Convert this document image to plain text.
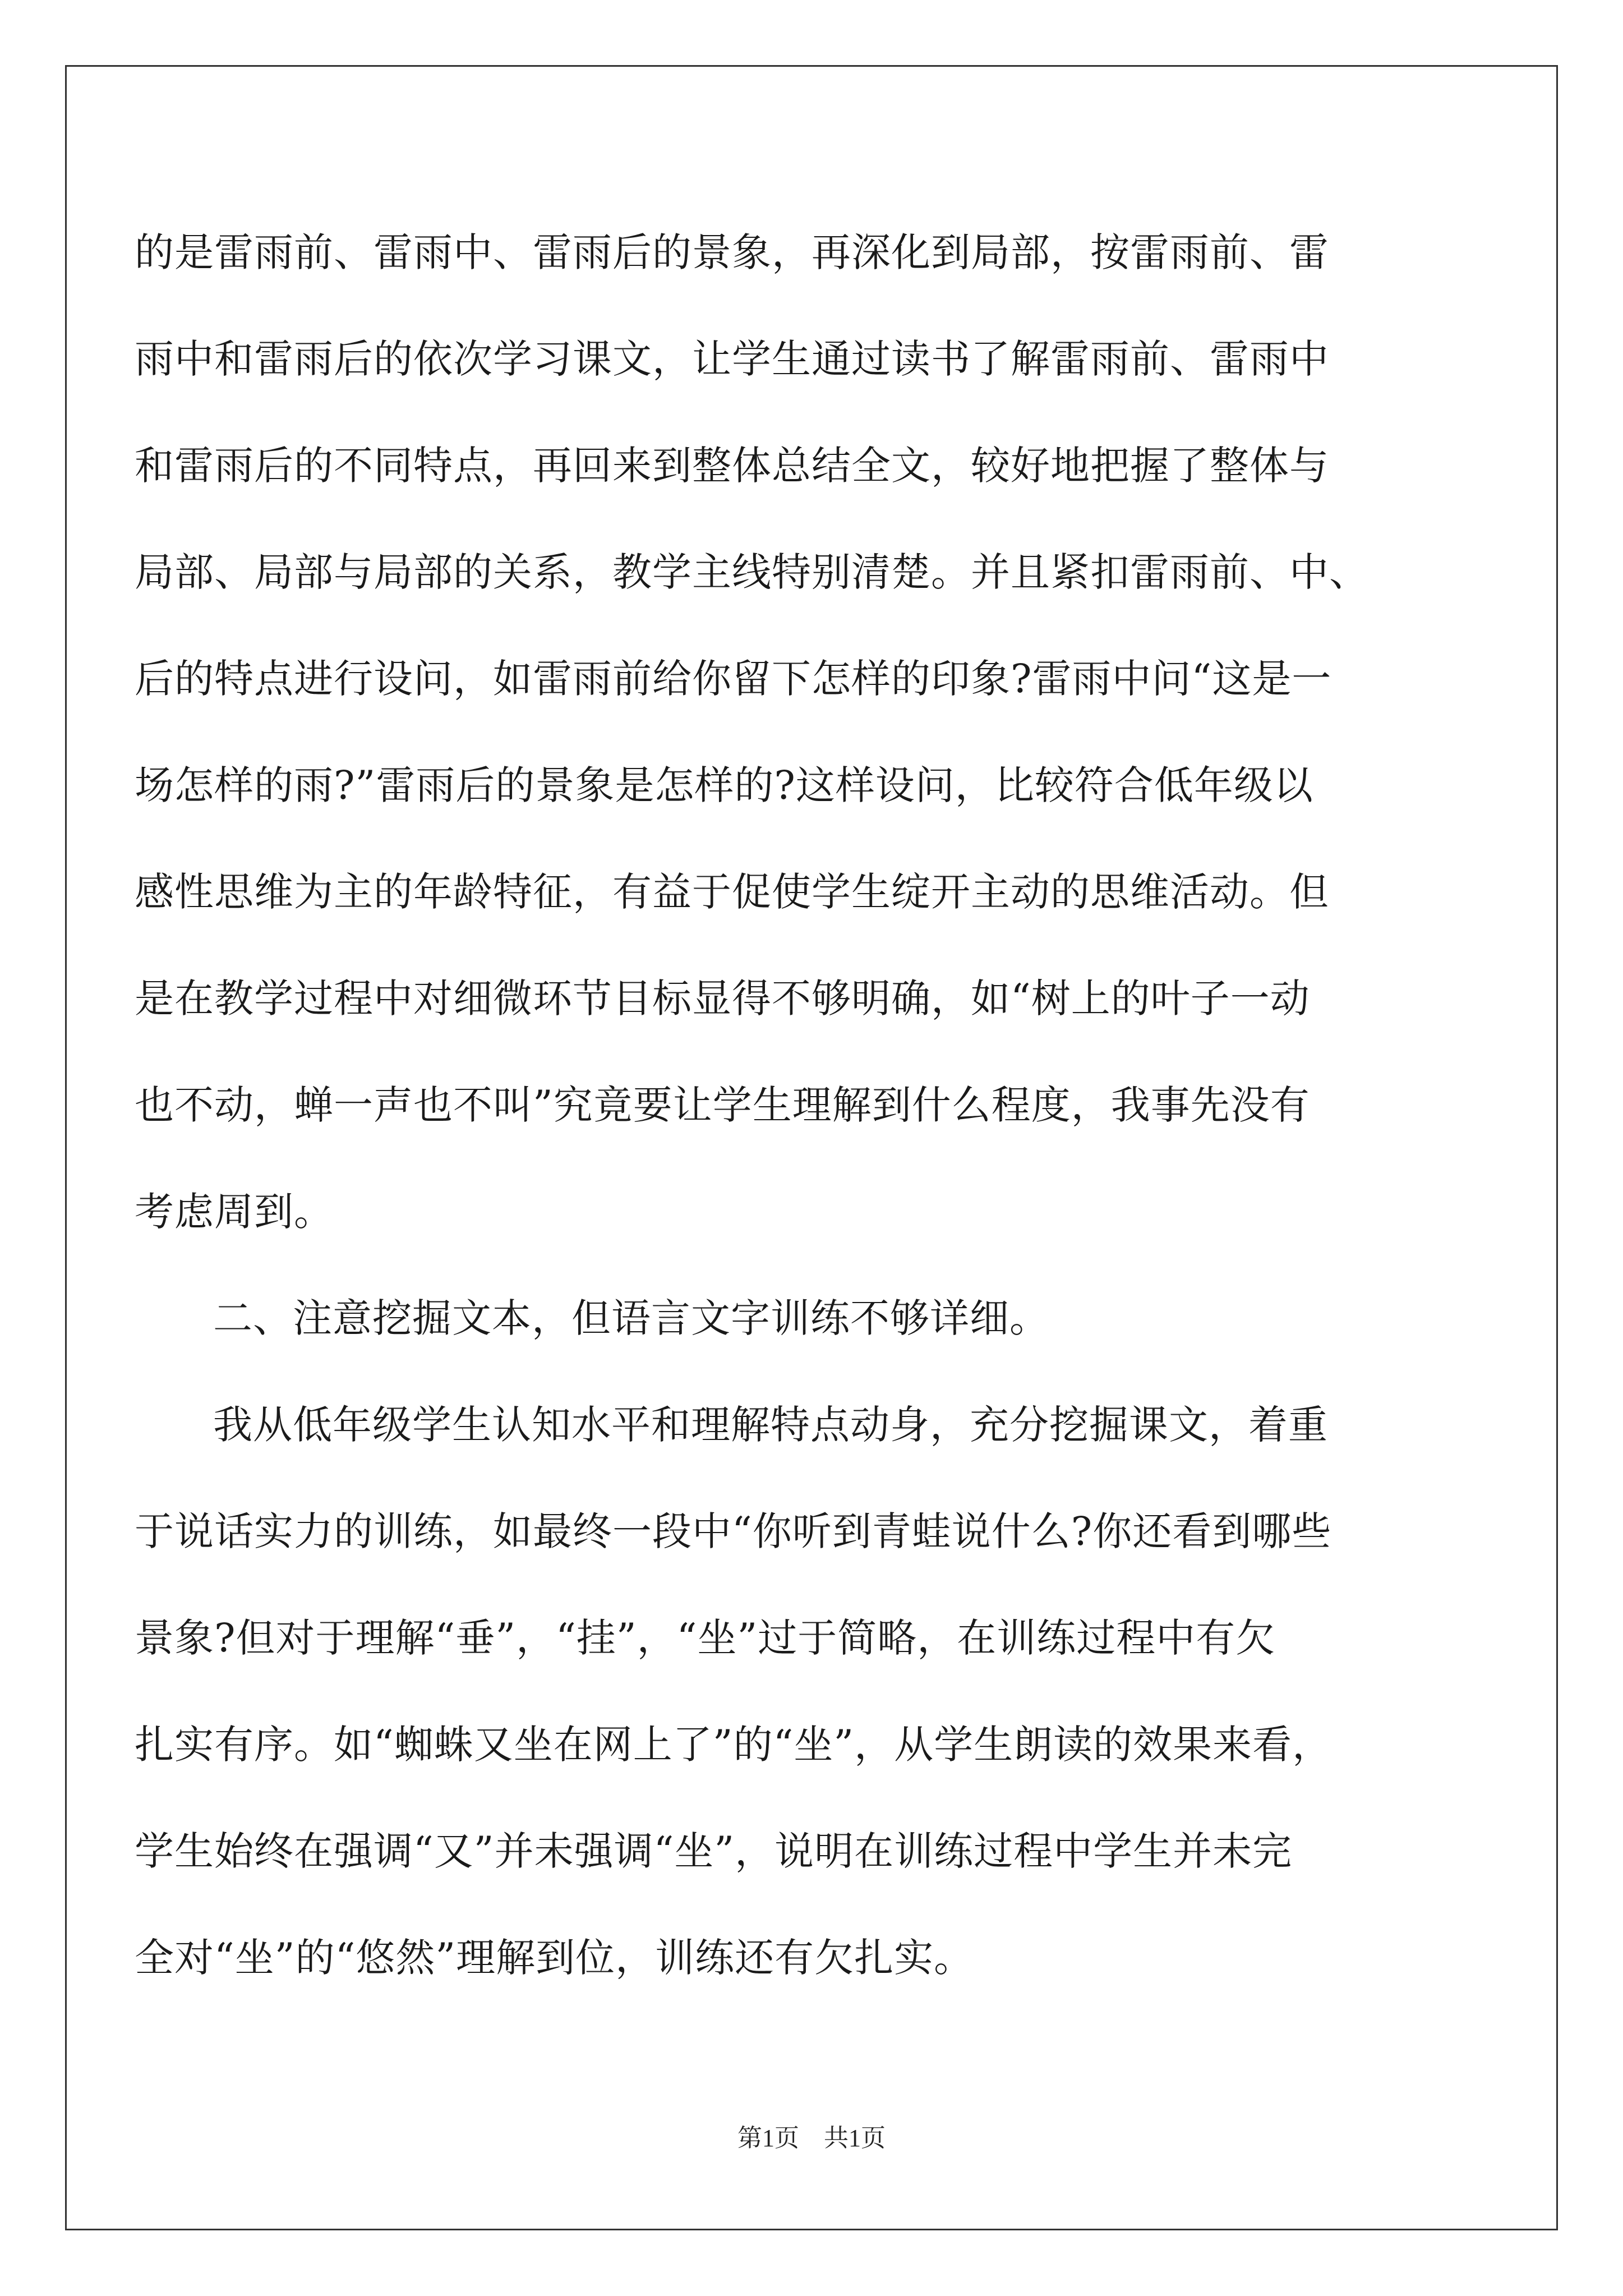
的是雷雨前、雷雨中、雷雨后的景象，再深化到局部，按雷雨前、雷
雨中和雷雨后的依次学习课文，让学生通过读书了解雷雨前、雷雨中
和雷雨后的不同特点，再回来到整体总结全文，较好地把握了整体与
局部、局部与局部的关系，教学主线特别清楚。并且紧扣雷雨前、中、
后的特点进行设问，如雷雨前给你留下怎样的印象?雷雨中问“这是一
场怎样的雨?”雷雨后的景象是怎样的?这样设问，比较符合低年级以
感性思维为主的年龄特征，有益于促使学生绽开主动的思维活动。但
是在教学过程中对细微环节目标显得不够明确，如“树上的叶子一动
也不动，蝉一声也不叫”究竟要让学生理解到什么程度，我事先没有
考虑周到。
二、注意挖掘文本，但语言文字训练不够详细。
我从低年级学生认知水平和理解特点动身，充分挖掘课文，着重
于说话实力的训练，如最终一段中“你听到青蛙说什么?你还看到哪些
景象?但对于理解“垂”，“挂”，“坐”过于简略，在训练过程中有欠
扎实有序。如“蜘蛛又坐在网上了”的“坐”，从学生朗读的效果来看，
学生始终在强调“又”并未强调“坐”，说明在训练过程中学生并未完
全对“坐”的“悠然”理解到位，训练还有欠扎实。
第1页　共1页
